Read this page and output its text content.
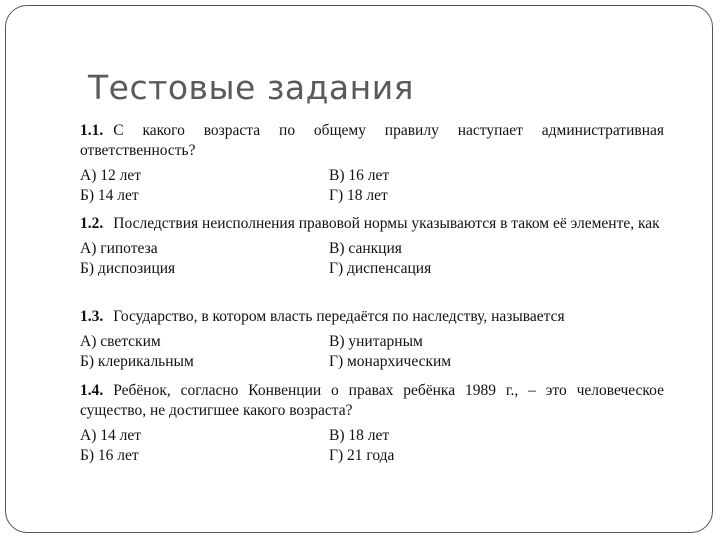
Тестовые задания
1.1. С какого возраста по общему правилу наступает административная ответственность?
А) 12 лет	В) 16 лет
Б) 14 лет	Г) 18 лет
1.2. Последствия неисполнения правовой нормы указываются в таком её элементе, как
А) гипотеза	В) санкция
Б) диспозиция	Г) диспенсация
1.3. Государство, в котором власть передаётся по наследству, называется
А) светским	В) унитарным
Б) клерикальным	Г) монархическим
1.4. Ребёнок, согласно Конвенции о правах ребёнка 1989 г., – это человеческое существо, не достигшее какого возраста?
А) 14 лет	В) 18 лет
Б) 16 лет	Г) 21 года
